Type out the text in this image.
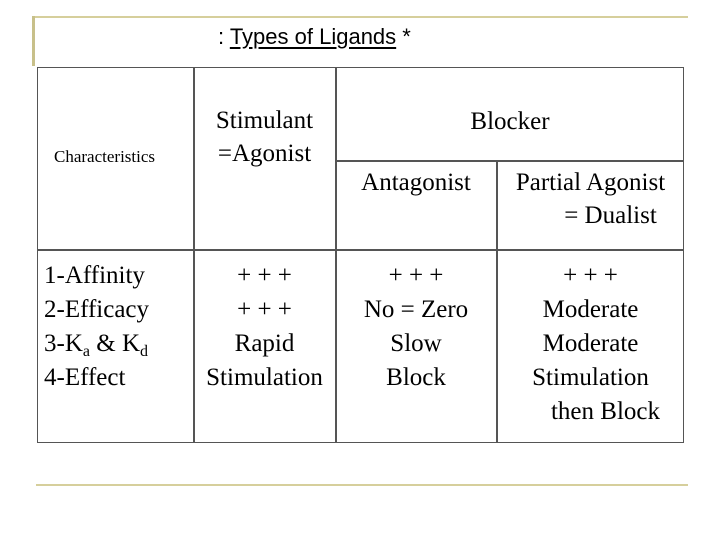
: Types of Ligands *
Characteristics
Stimulant
=Agonist
Blocker
Antagonist	Partial Agonist
= Dualist
1-Affinity
2-Efficacy
$3-K_a$ & $K_d$
4-Effect
+ + +
+ + +
Rapid
Stimulation
+ + +
No = Zero
Slow
Block
+ + +
Moderate
Moderate
Stimulation
then Block
